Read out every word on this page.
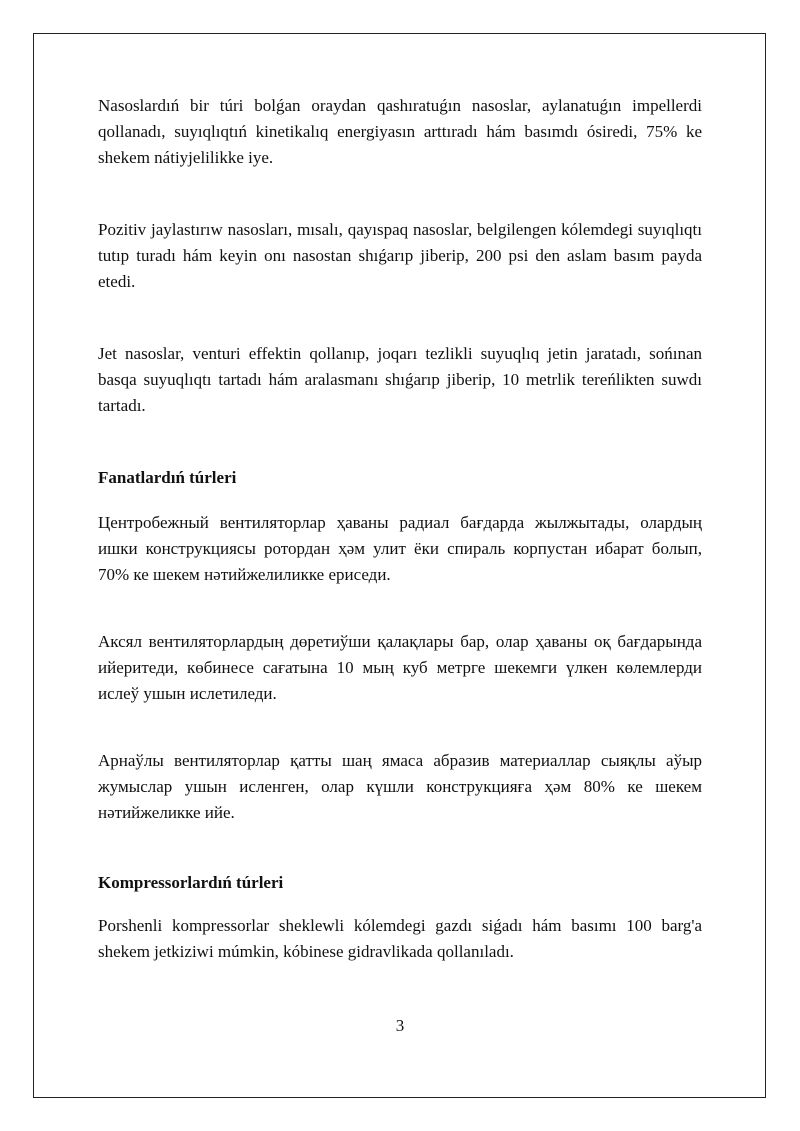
Nasoslardıń bir túri bolǵan oraydan qashıratuǵın nasoslar, aylanatuǵın impellerdi qollanadı, suyıqlıqtıń kinetikalıq energiyasın arttıradı hám basımdı ósiredi, 75% ke shekem nátiyjelilikke iye.

Pozitiv jaylastırıw nasosları, mısalı, qayıspaq nasoslar, belgilengen kólemdegi suyıqlıqtı tutıp turadı hám keyin onı nasostan shıǵarıp jiberip, 200 psi den aslam basım payda etedi.

Jet nasoslar, venturi effektin qollanıp, joqarı tezlikli suyuqlıq jetin jaratadı, sońınan basqa suyuqlıqtı tartadı hám aralasmanı shıǵarıp jiberip, 10 metrlik tereńlikten suwdı tartadı.

Fanatlardıń túrleri

Центробежный вентиляторлар ҳаваны радиал бағдарда жылжытады, олардың ишки конструкциясы ротордан ҳәм улит ёки спираль корпустан ибарат болып, 70% ке шекем нәтийжелиликке ериседи.

Аксял вентиляторлардың дөретиўши қалақлары бар, олар ҳаваны оқ бағдарында ийеритеди, көбинесе сағатына 10 мың куб метрге шекемги үлкен көлемлерди ислеў ушын ислетиледи.

Арнаўлы вентиляторлар қатты шаң ямаса абразив материаллар сыяқлы аўыр жумыслар ушын исленген, олар күшли конструкцияға ҳәм 80% ке шекем нәтийжеликке ийе.

Kompressorlardıń túrleri

Porshenli kompressorlar sheklewli kólemdegi gazdı siǵadı hám basımı 100 barg'a shekem jetkiziwi múmkin, kóbinese gidravlikada qollanıladı.

3
